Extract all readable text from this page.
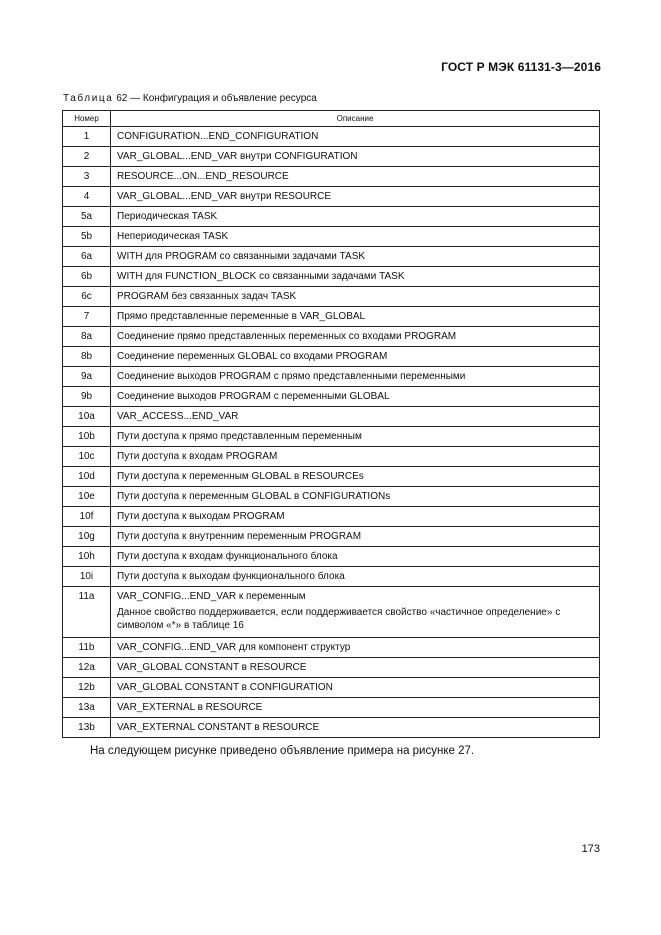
ГОСТ Р МЭК 61131-3—2016
Таблица 62 — Конфигурация и объявление ресурса
Номер	Описание
1	CONFIGURATION...END_CONFIGURATION

2	VAR_GLOBAL...END_VAR внутри CONFIGURATION

3	RESOURCE...ON...END_RESOURCE

4	VAR_GLOBAL...END_VAR внутри RESOURCE

5a	Периодическая TASK

5b	Непериодическая TASK

6a	WITH для PROGRAM со связанными задачами TASK

6b	WITH для FUNCTION_BLOCK со связанными задачами TASK

6c	PROGRAM без связанных задач TASK

7	Прямо представленные переменные в VAR_GLOBAL

8a	Соединение прямо представленных переменных со входами PROGRAM

8b	Соединение переменных GLOBAL со входами PROGRAM

9a	Соединение выходов PROGRAM с прямо представленными переменными

9b	Соединение выходов PROGRAM с переменными GLOBAL

10a	VAR_ACCESS...END_VAR

10b	Пути доступа к прямо представленным переменным

10c	Пути доступа к входам PROGRAM

10d	Пути доступа к переменным GLOBAL в RESOURCEs

10e	Пути доступа к переменным GLOBAL в CONFIGURATIONs

10f	Пути доступа к выходам PROGRAM

10g	Пути доступа к внутренним переменным PROGRAM

10h	Пути доступа к входам функционального блока

10i	Пути доступа к выходам функционального блока

11a	VAR_CONFIG...END_VAR к переменным
Данное свойство поддерживается, если поддерживается свойство «частичное определение» с символом «*» в таблице 16

11b	VAR_CONFIG...END_VAR для компонент структур

12a	VAR_GLOBAL CONSTANT в RESOURCE

12b	VAR_GLOBAL CONSTANT в CONFIGURATION

13a	VAR_EXTERNAL в RESOURCE

13b	VAR_EXTERNAL CONSTANT в RESOURCE
На следующем рисунке приведено объявление примера на рисунке 27.
173
